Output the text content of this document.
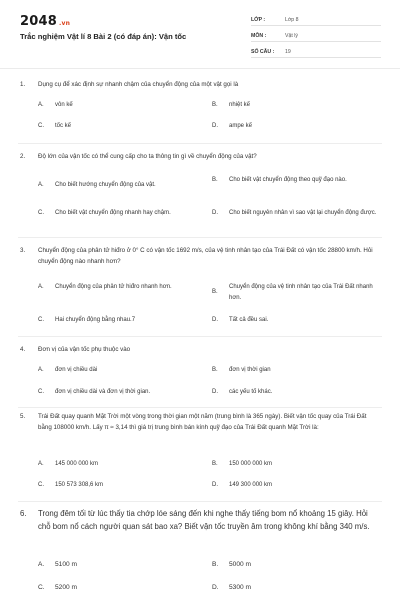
2048 .vn
Trắc nghiệm Vật lí 8 Bài 2 (có đáp án): Vận tốc
LỚP :	Lớp 8
MÔN :	Vật lý
SỐ CÂU :	19
1.	Dụng cụ để xác định sự nhanh chậm của chuyển động của một vật gọi là
A.	vôn kế	B.	nhiệt kế
C.	tốc kế	D.	ampe kế
2.	Độ lớn của vận tốc có thể cung cấp cho ta thông tin gì về chuyển động của vật?
A.	Cho biết hướng chuyển động của vật.
B.	Cho biết vật chuyển động theo quỹ đạo nào.
C.	Cho biết vật chuyển động nhanh hay chậm.	D.	Cho biết nguyên nhân vì sao vật lại chuyển động được.
3.	Chuyển động của phân tử hiđro ở 0° C có vận tốc 1692 m/s, của vệ tinh nhân tạo của Trái Đất có vận tốc 28800 km/h. Hỏi chuyển động nào nhanh hơn?
A.	Chuyển động của phân tử hiđro nhanh hơn.
B.
Chuyển động của vệ tinh nhân tạo của Trái Đất nhanh hơn.
C.	Hai chuyển động bằng nhau.7	D.	Tất cả đều sai.
4.	Đơn vị của vận tốc phụ thuộc vào
A.	đơn vị chiều dài	B.	đơn vị thời gian
C.	đơn vị chiều dài và đơn vị thời gian.	D.	các yếu tố khác.
5.	Trái Đất quay quanh Mặt Trời một vòng trong thời gian một năm (trung bình là 365 ngày). Biết vận tốc quay của Trái Đất bằng 108000 km/h. Lấy π ≈ 3,14 thì giá trị trung bình bán kính quỹ đạo của Trái Đất quanh Mặt Trời là:
A.	145 000 000 km	B.	150 000 000 km
C.	150 573 308,6 km	D.	149 300 000 km
6.	Trong đêm tối từ lúc thấy tia chớp lóe sáng đến khi nghe thấy tiếng bom nổ khoảng 15 giây. Hỏi chỗ bom nổ cách người quan sát bao xa? Biết vận tốc truyền âm trong không khí bằng 340 m/s.
A.	5100 m	B.	5000 m
C.	5200 m	D.	5300 m
